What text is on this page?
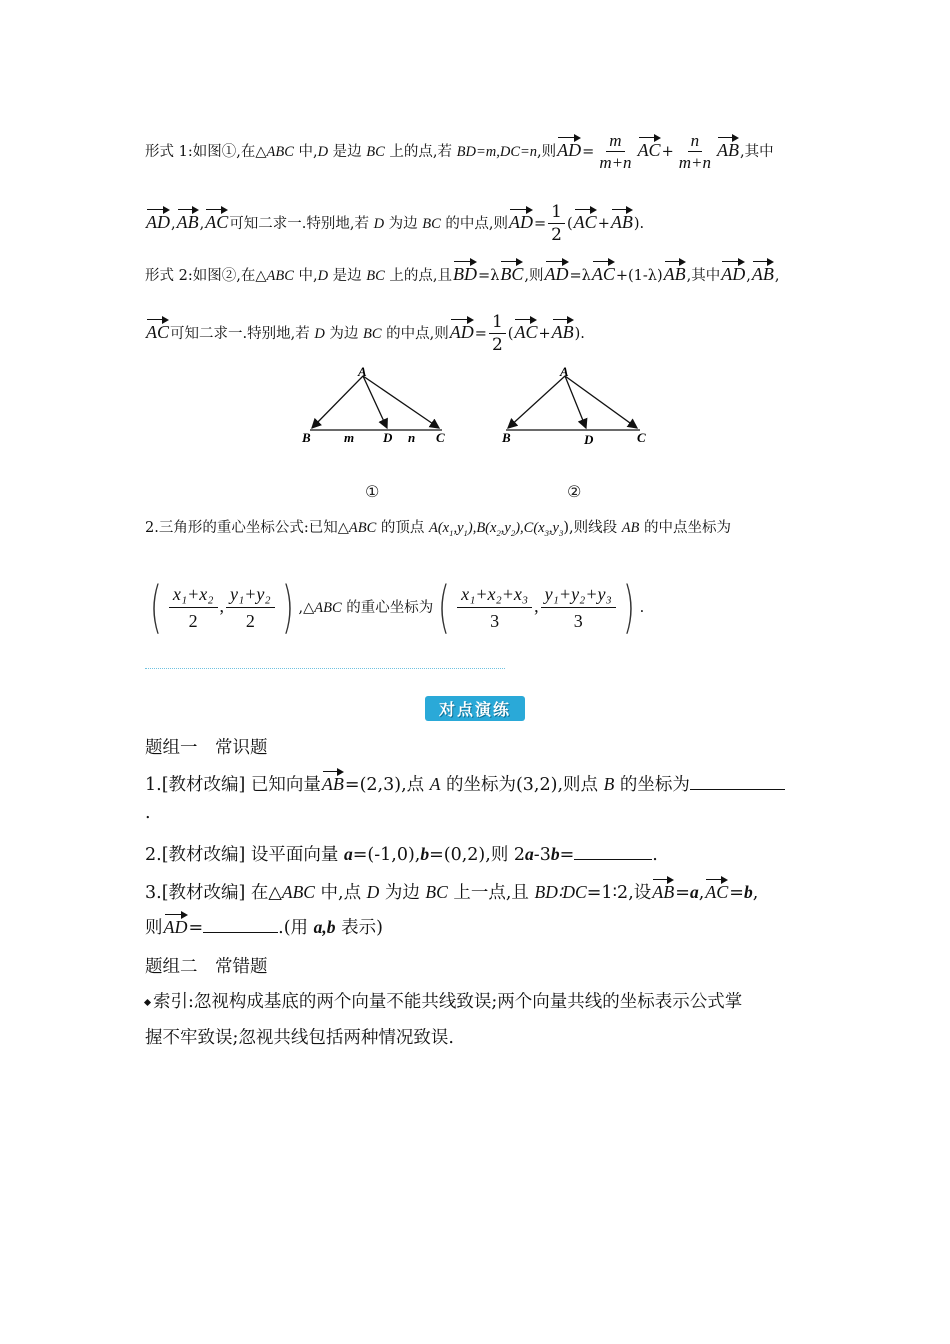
形式 1:如图①,在△ABC 中,D 是边 BC 上的点,若 BD=m,DC=n,则$AD= \frac{m}{m+n} AC+ \frac{n}{m+n}$ AB,其中
AD,AB,AC可知二求一.特别地,若 D 为边 BC 的中点,则$AD= \frac{1}{2} (AC+AB)$.
形式 2:如图②,在△ABC 中,D 是边 BC 上的点,且BD=λBC,则AD=λAC+(1-λ)AB,其中AD,AB,
AC可知二求一.特别地,若 D 为边 BC 的中点,则$AD= \frac{1}{2} (AC+AB)$.
A
B	m D n C
A
B	D	C
①	②
2.三角形的重心坐标公式:已知△ABC 的顶点 $A(x_1,y_1),B(x_2,y_2),C(x_3,y_3)$,则线段 AB 的中点坐标为
( $\frac{\text{x₁+x₂}}{2}$ , $\frac{\text{y₁+y₂}}{2}$ ) ,△ABC 的重心坐标为( $\frac{\text{x₁+x₂+x₃}}{3}$ , $\frac{\text{y₁+y₂+y₃}}{3}$ ) .
对点演练
题组一　常识题
1.[教材改编] 已知向量AB=(2,3),点 A 的坐标为(3,2),则点 B 的坐标为
.
2.[教材改编] 设平面向量 a=(-1,0),b=(0,2),则 2a-3b=	.
3.[教材改编] 在△ABC 中,点 D 为边 BC 上一点,且 BD∶DC=1∶2,设AB=a,AC=b,
则AD=	.(用 a,b 表示)
题组二　常错题
索引:忽视构成基底的两个向量不能共线致误;两个向量共线的坐标表示公式掌
握不牢致误;忽视共线包括两种情况致误.
